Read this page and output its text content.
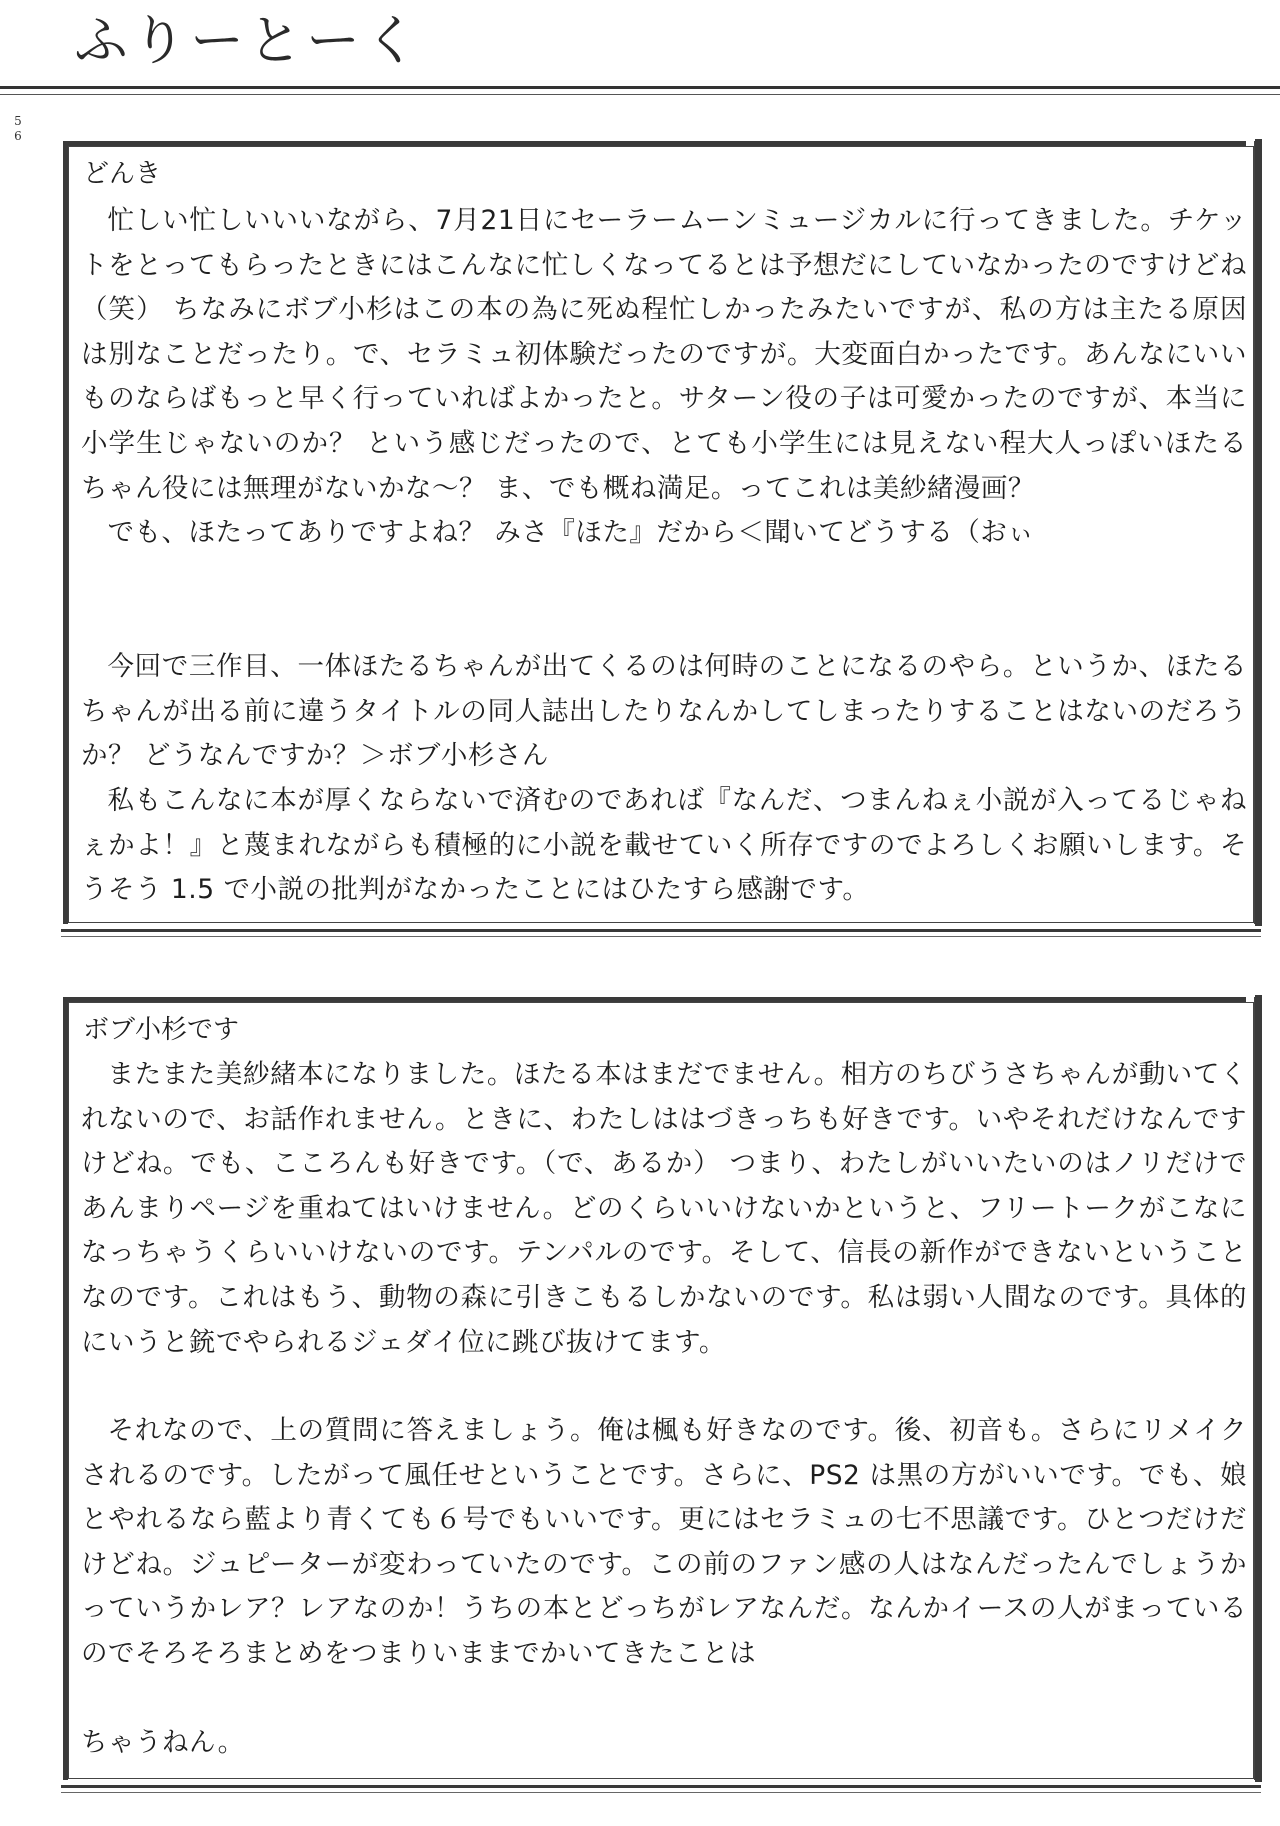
ふりーとーく
56
どんき

忙しい忙しいいいながら、7月21日にセーラームーンミュージカルに行ってきました。チケットをとってもらったときにはこんなに忙しくなってるとは予想だにしていなかったのですけどね（笑） ちなみにボブ小杉はこの本の為に死ぬ程忙しかったみたいですが、私の方は主たる原因は別なことだったり。で、セラミュ初体験だったのですが。大変面白かったです。あんなにいいものならばもっと早く行っていればよかったと。サターン役の子は可愛かったのですが、本当に小学生じゃないのか？ という感じだったので、とても小学生には見えない程大人っぽいほたるちゃん役には無理がないかな～？ ま、でも概ね満足。ってこれは美紗緒漫画？

でも、ほたってありですよね？ みさ『ほた』だから＜聞いてどうする（おぃ

今回で三作目、一体ほたるちゃんが出てくるのは何時のことになるのやら。というか、ほたるちゃんが出る前に違うタイトルの同人誌出したりなんかしてしまったりすることはないのだろうか？ どうなんですか？＞ボブ小杉さん

私もこんなに本が厚くならないで済むのであれば『なんだ、つまんねぇ小説が入ってるじゃねぇかよ！』と蔑まれながらも積極的に小説を載せていく所存ですのでよろしくお願いします。そうそう 1.5 で小説の批判がなかったことにはひたすら感謝です。

ボブ小杉です

またまた美紗緒本になりました。ほたる本はまだでません。相方のちびうさちゃんが動いてくれないので、お話作れません。ときに、わたしははづきっちも好きです。いやそれだけなんですけどね。でも、こころんも好きです。（で、あるか） つまり、わたしがいいたいのはノリだけであんまりページを重ねてはいけません。どのくらいいけないかというと、フリートークがこなになっちゃうくらいいけないのです。テンパルのです。そして、信長の新作ができないということなのです。これはもう、動物の森に引きこもるしかないのです。私は弱い人間なのです。具体的にいうと銃でやられるジェダイ位に跳び抜けてます。

それなので、上の質問に答えましょう。俺は楓も好きなのです。後、初音も。さらにリメイクされるのです。したがって風任せということです。さらに、PS2 は黒の方がいいです。でも、娘とやれるなら藍より青くても６号でもいいです。更にはセラミュの七不思議です。ひとつだけだけどね。ジュピーターが変わっていたのです。この前のファン感の人はなんだったんでしょうかっていうかレア？レアなのか！うちの本とどっちがレアなんだ。なんかイースの人がまっているのでそろそろまとめをつまりいままでかいてきたことは

ちゃうねん。
